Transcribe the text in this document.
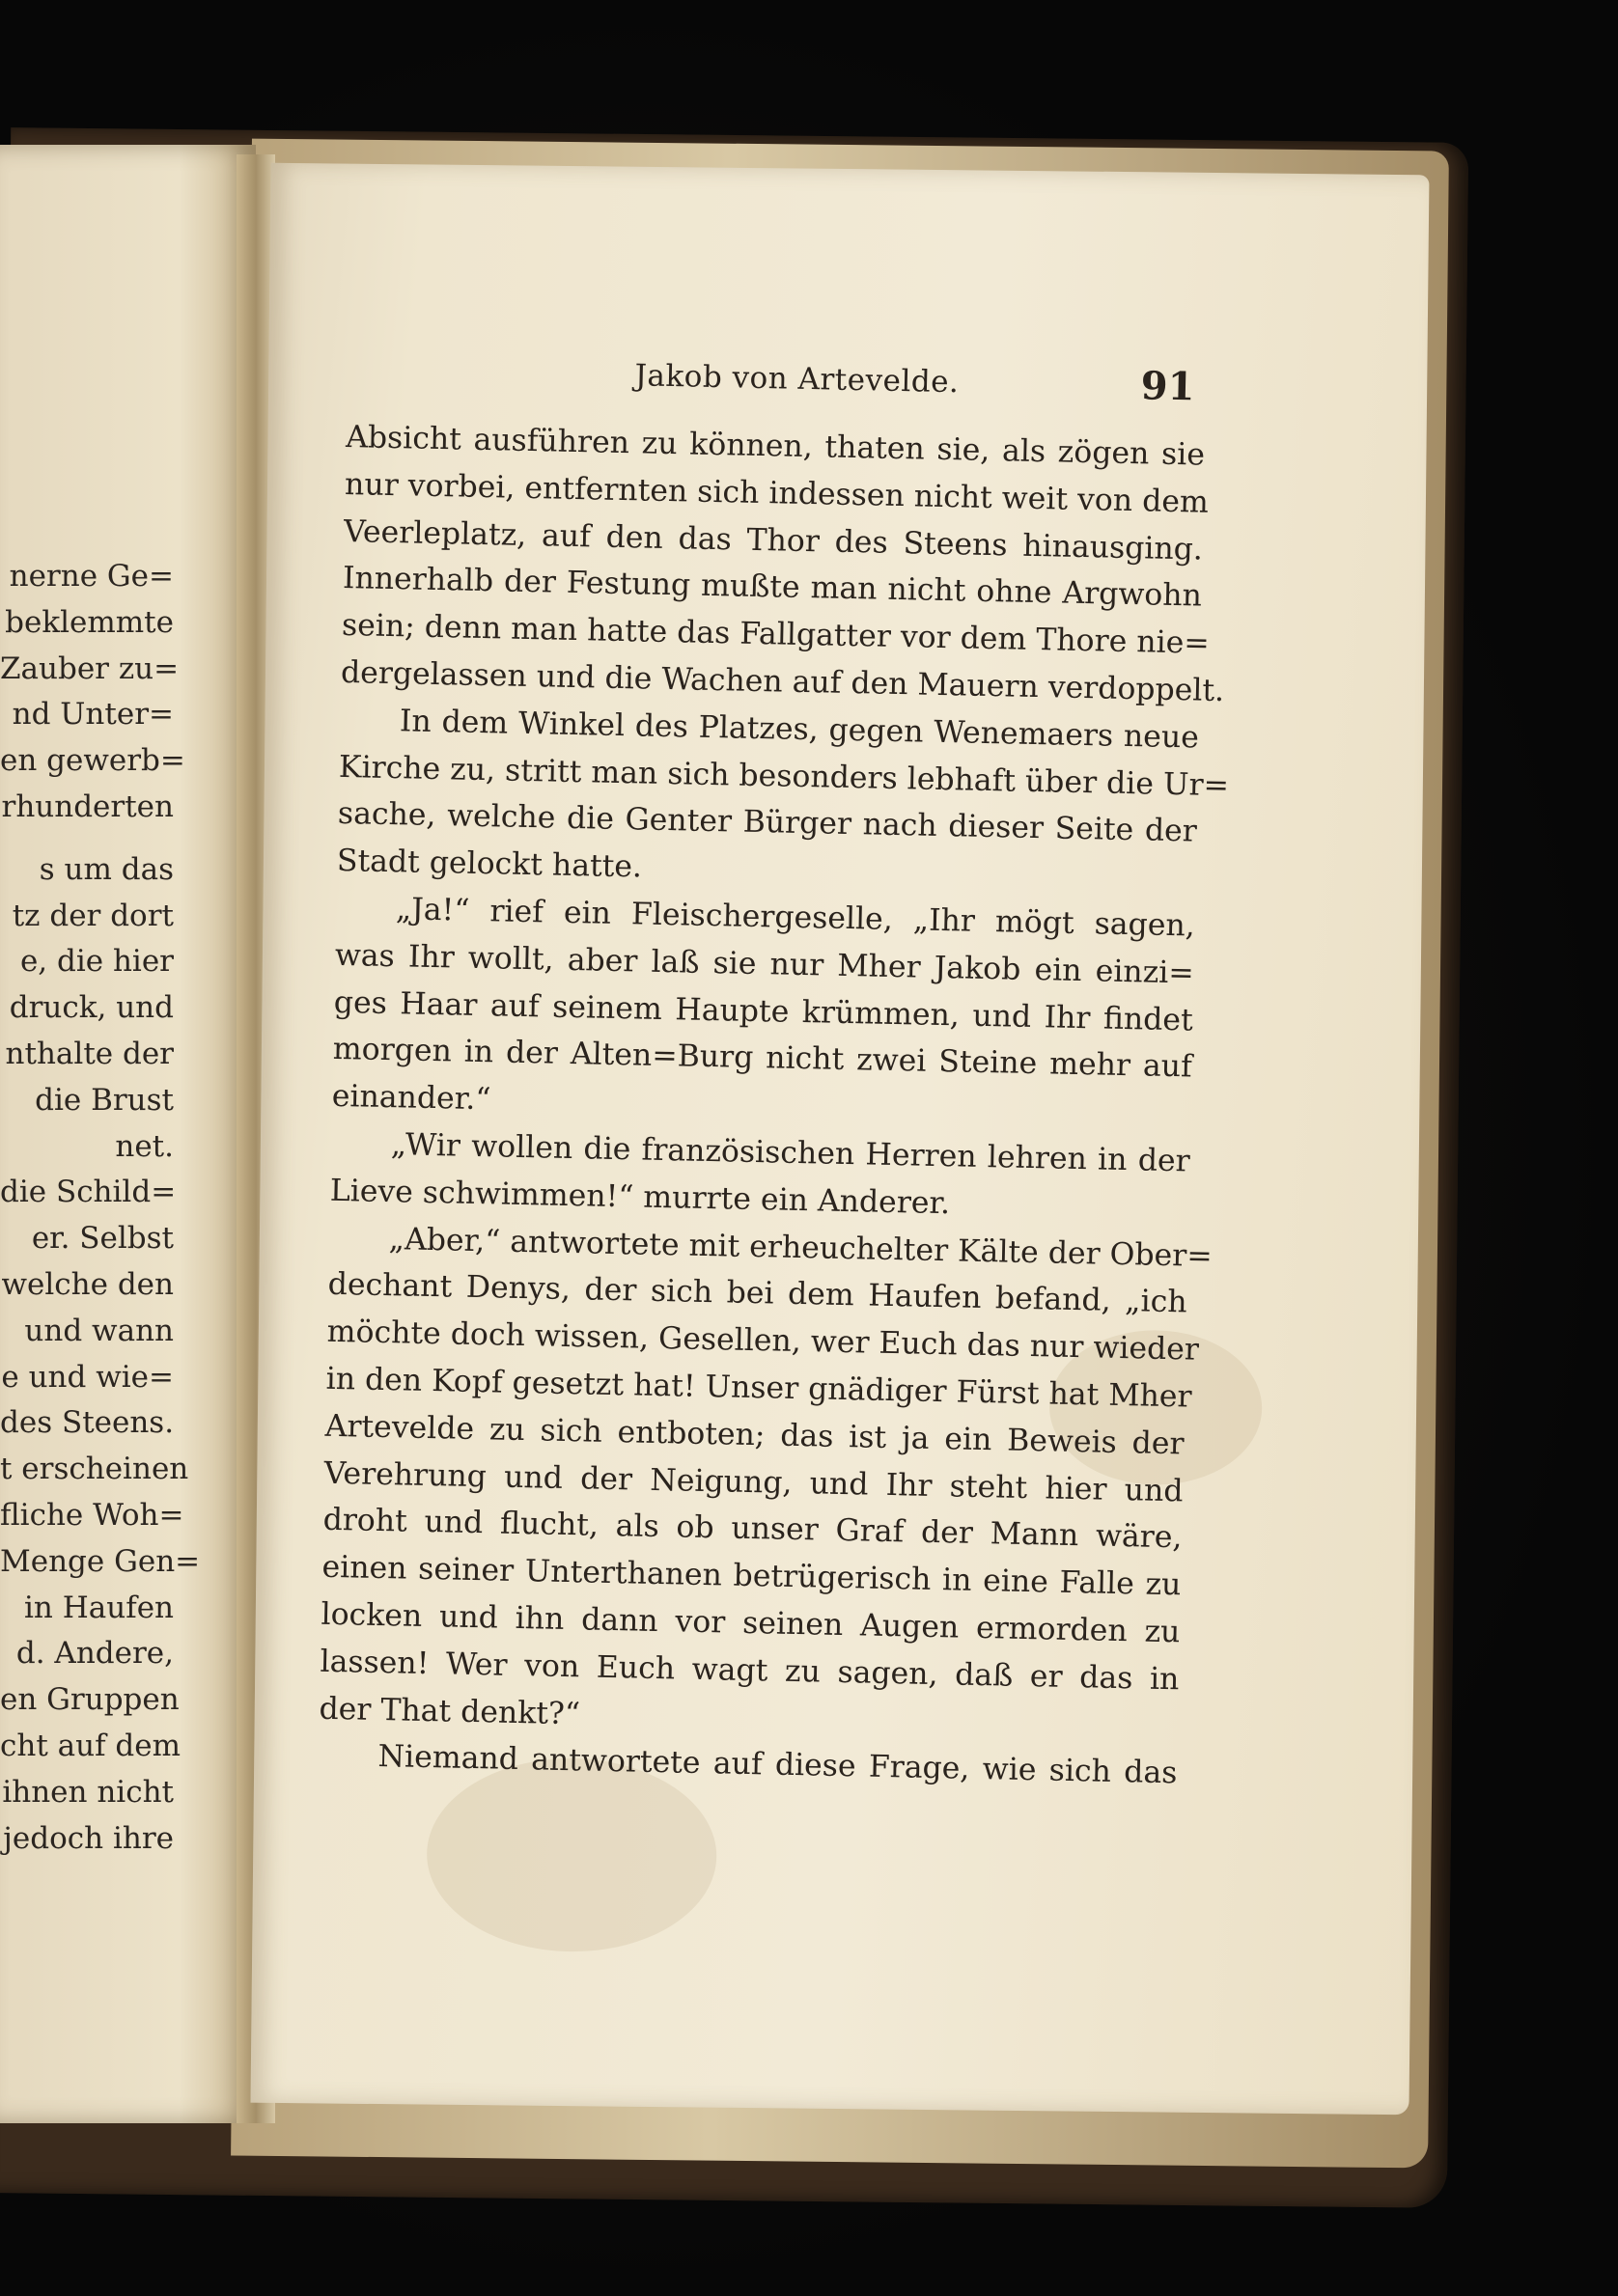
nerne Ge=
beklemmte
Zauber zu=
nd Unter=
en gewerb=
rhunderten
s um das
tz der dort
e, die hier
druck, und
nthalte der
die Brust
net.
die Schild=
er. Selbst
welche den
und wann
e und wie=
des Steens.
t erscheinen
fliche Woh=
Menge Gen=
in Haufen
d. Andere,
en Gruppen
cht auf dem
ihnen nicht
jedoch ihre
Jakob von Artevelde.	91
Absicht ausführen zu können, thaten sie, als zögen sie
nur vorbei, entfernten sich indessen nicht weit von dem
Veerleplatz, auf den das Thor des Steens hinausging.
Innerhalb der Festung mußte man nicht ohne Argwohn
sein; denn man hatte das Fallgatter vor dem Thore nie=
dergelassen und die Wachen auf den Mauern verdoppelt.
In dem Winkel des Platzes, gegen Wenemaers neue
Kirche zu, stritt man sich besonders lebhaft über die Ur=
sache, welche die Genter Bürger nach dieser Seite der
Stadt gelockt hatte.
„Ja!“ rief ein Fleischergeselle, „Ihr mögt sagen,
was Ihr wollt, aber laß sie nur Mher Jakob ein einzi=
ges Haar auf seinem Haupte krümmen, und Ihr findet
morgen in der Alten=Burg nicht zwei Steine mehr auf
einander.“
„Wir wollen die französischen Herren lehren in der
Lieve schwimmen!“ murrte ein Anderer.
„Aber,“ antwortete mit erheuchelter Kälte der Ober=
dechant Denys, der sich bei dem Haufen befand, „ich
möchte doch wissen, Gesellen, wer Euch das nur wieder
in den Kopf gesetzt hat! Unser gnädiger Fürst hat Mher
Artevelde zu sich entboten; das ist ja ein Beweis der
Verehrung und der Neigung, und Ihr steht hier und
droht und flucht, als ob unser Graf der Mann wäre,
einen seiner Unterthanen betrügerisch in eine Falle zu
locken und ihn dann vor seinen Augen ermorden zu
lassen! Wer von Euch wagt zu sagen, daß er das in
der That denkt?“
Niemand antwortete auf diese Frage, wie sich das
